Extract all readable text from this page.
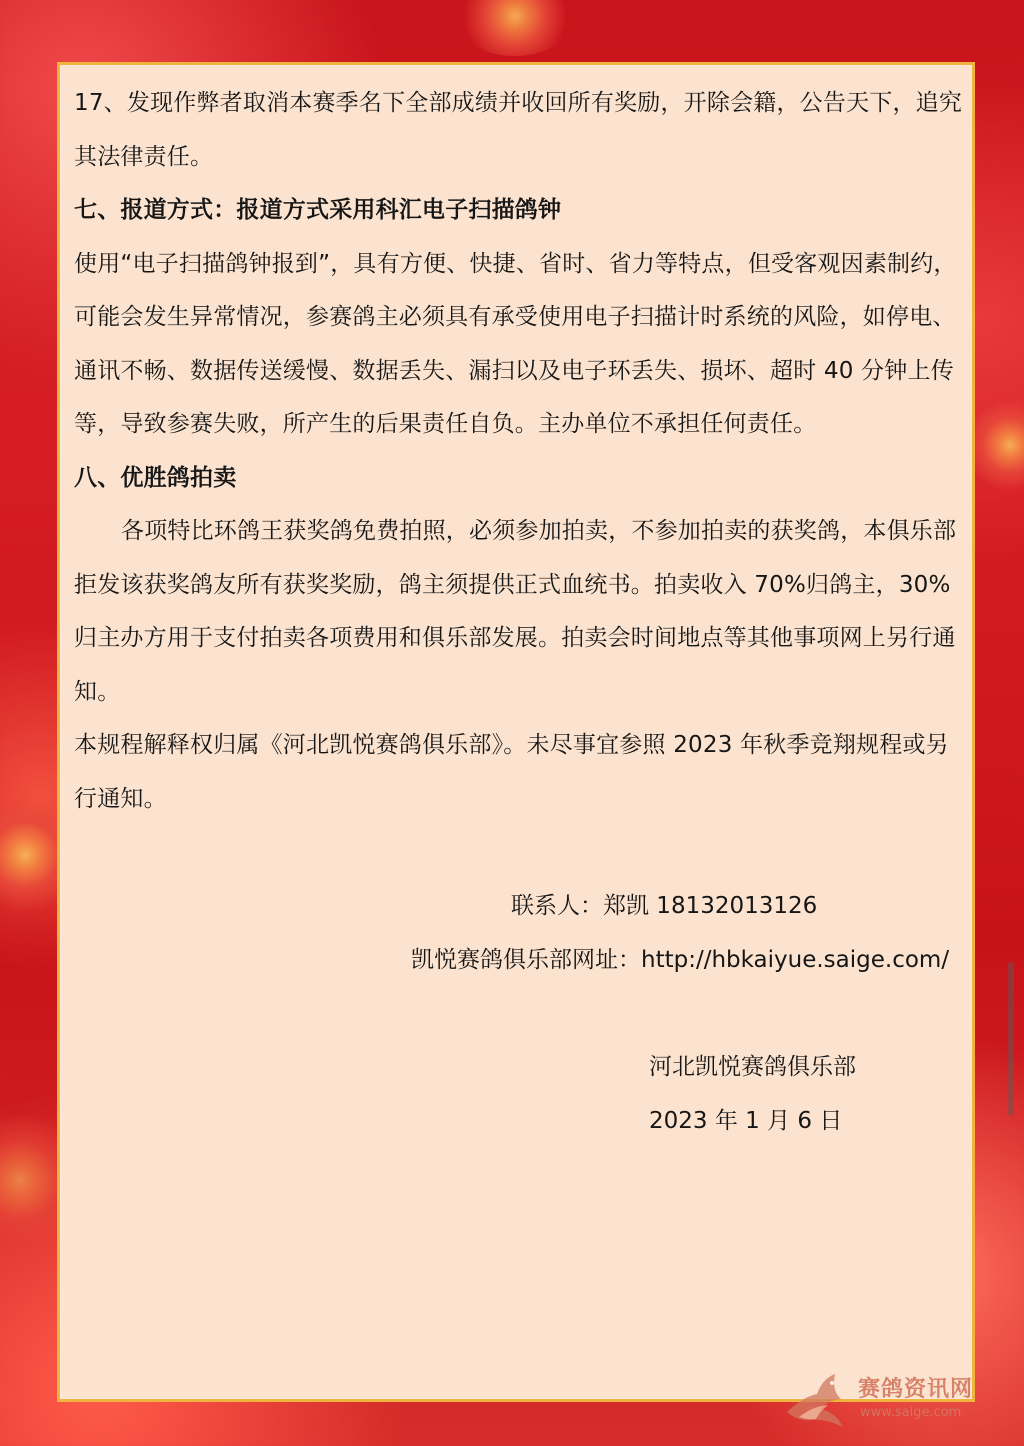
17、发现作弊者取消本赛季名下全部成绩并收回所有奖励，开除会籍，公告天下，追究其法律责任。

七、报道方式：报道方式采用科汇电子扫描鸽钟

使用“电子扫描鸽钟报到”，具有方便、快捷、省时、省力等特点，但受客观因素制约，可能会发生异常情况，参赛鸽主必须具有承受使用电子扫描计时系统的风险，如停电、通讯不畅、数据传送缓慢、数据丢失、漏扫以及电子环丢失、损坏、超时 40 分钟上传等，导致参赛失败，所产生的后果责任自负。主办单位不承担任何责任。

八、优胜鸽拍卖

各项特比环鸽王获奖鸽免费拍照，必须参加拍卖，不参加拍卖的获奖鸽，本俱乐部拒发该获奖鸽友所有获奖奖励，鸽主须提供正式血统书。拍卖收入 70%归鸽主，30%归主办方用于支付拍卖各项费用和俱乐部发展。拍卖会时间地点等其他事项网上另行通知。

本规程解释权归属《河北凯悦赛鸽俱乐部》。未尽事宜参照 2023 年秋季竞翔规程或另行通知。

联系人：郑凯 18132013126
凯悦赛鸽俱乐部网址：http://hbkaiyue.saige.com/
河北凯悦赛鸽俱乐部
2023 年 1 月 6 日
赛鸽资讯网
www.saige.com
